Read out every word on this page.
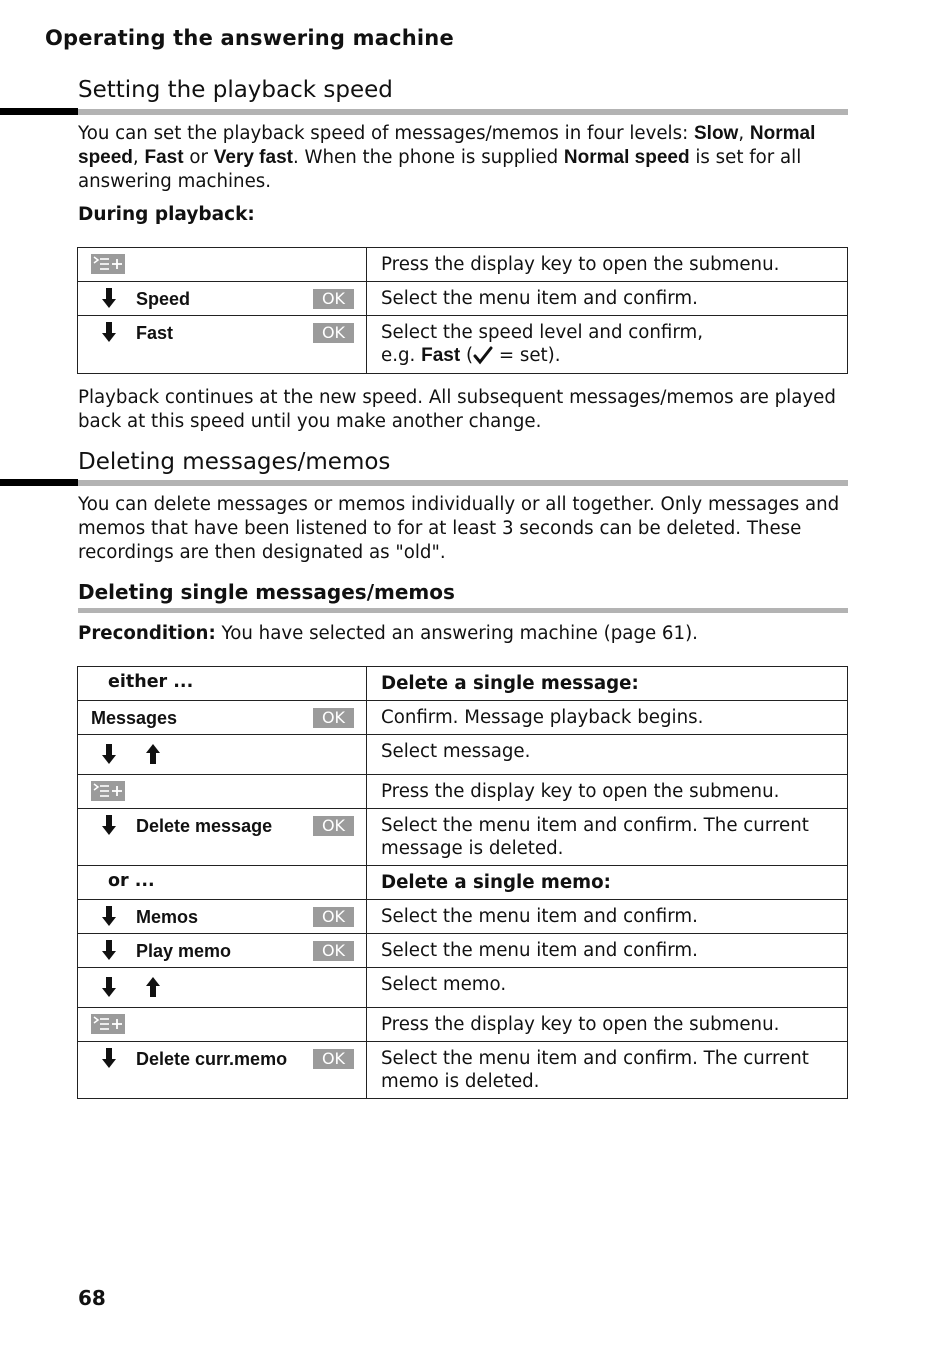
Operating the answering machine
Setting the playback speed
You can set the playback speed of messages/memos in four levels: Slow, Normal speed, Fast or Very fast. When the phone is supplied Normal speed is set for all answering machines.
During playback:
	Press the display key to open the submenu.

Speed OK	Select the menu item and confirm.

Fast OK	Select the speed level and confirm,
e.g. Fast ( = set).
Playback continues at the new speed. All subsequent messages/memos are played back at this speed until you make another change.
Deleting messages/memos
You can delete messages or memos individually or all together. Only messages and memos that have been listened to for at least 3 seconds can be deleted. These recordings are then designated as "old".
Deleting single messages/memos
Precondition: You have selected an answering machine (page 61).
either ...	Delete a single message:

Messages OK	Confirm. Message playback begins.

	Select message.

	Press the display key to open the submenu.

Delete message OK	Select the menu item and confirm. The current message is deleted.

or ...	Delete a single memo:

Memos OK	Select the menu item and confirm.

Play memo OK	Select the menu item and confirm.

	Select memo.

	Press the display key to open the submenu.

Delete curr.memo OK	Select the menu item and confirm. The current memo is deleted.
68
